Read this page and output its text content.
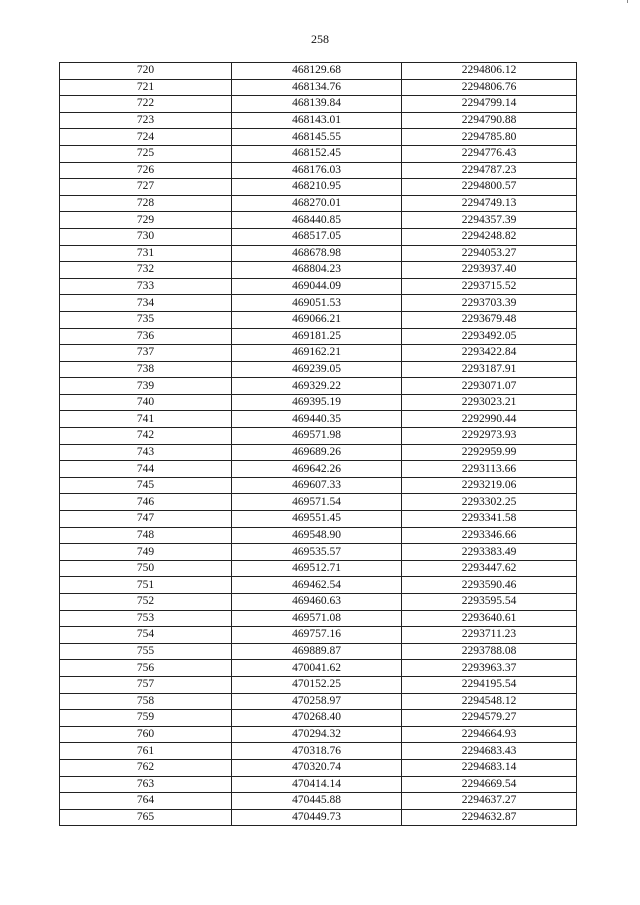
258
720	468129.68	2294806.12
721	468134.76	2294806.76
722	468139.84	2294799.14
723	468143.01	2294790.88
724	468145.55	2294785.80
725	468152.45	2294776.43
726	468176.03	2294787.23
727	468210.95	2294800.57
728	468270.01	2294749.13
729	468440.85	2294357.39
730	468517.05	2294248.82
731	468678.98	2294053.27
732	468804.23	2293937.40
733	469044.09	2293715.52
734	469051.53	2293703.39
735	469066.21	2293679.48
736	469181.25	2293492.05
737	469162.21	2293422.84
738	469239.05	2293187.91
739	469329.22	2293071.07
740	469395.19	2293023.21
741	469440.35	2292990.44
742	469571.98	2292973.93
743	469689.26	2292959.99
744	469642.26	2293113.66
745	469607.33	2293219.06
746	469571.54	2293302.25
747	469551.45	2293341.58
748	469548.90	2293346.66
749	469535.57	2293383.49
750	469512.71	2293447.62
751	469462.54	2293590.46
752	469460.63	2293595.54
753	469571.08	2293640.61
754	469757.16	2293711.23
755	469889.87	2293788.08
756	470041.62	2293963.37
757	470152.25	2294195.54
758	470258.97	2294548.12
759	470268.40	2294579.27
760	470294.32	2294664.93
761	470318.76	2294683.43
762	470320.74	2294683.14
763	470414.14	2294669.54
764	470445.88	2294637.27
765	470449.73	2294632.87
